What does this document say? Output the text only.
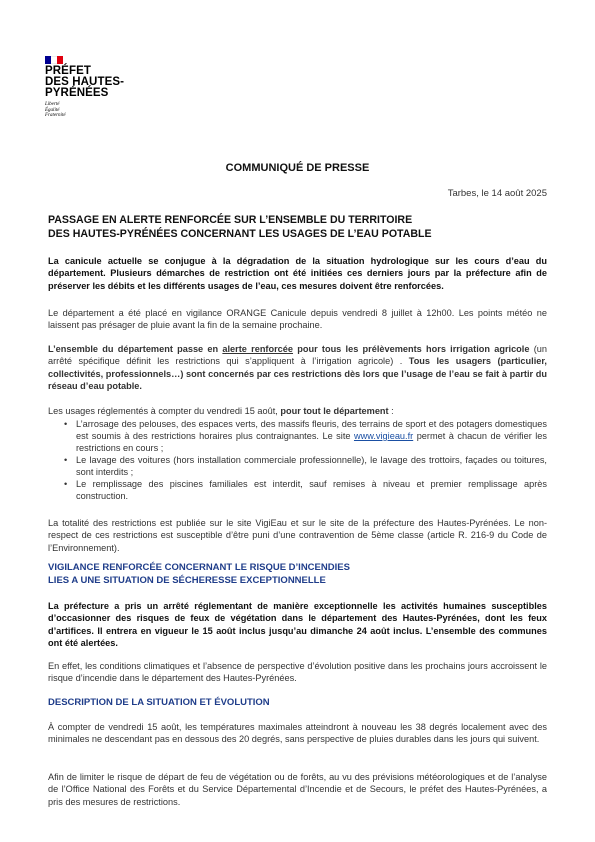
PRÉFET
DES HAUTES-
PYRÉNÉES
Liberté
Égalité
Fraternité
COMMUNIQUÉ DE PRESSE
Tarbes, le 14 août 2025
PASSAGE EN ALERTE RENFORCÉE SUR L’ENSEMBLE DU TERRITOIRE
DES HAUTES-PYRÉNÉES CONCERNANT LES USAGES DE L’EAU POTABLE
La canicule actuelle se conjugue à la dégradation de la situation hydrologique sur les cours d’eau du département. Plusieurs démarches de restriction ont été initiées ces derniers jours par la préfecture afin de préserver les débits et les différents usages de l’eau, ces mesures doivent être renforcées.
Le département a été placé en vigilance ORANGE Canicule depuis vendredi 8 juillet à 12h00. Les points météo ne laissent pas présager de pluie avant la fin de la semaine prochaine.
L’ensemble du département passe en alerte renforcée pour tous les prélèvements hors irrigation agricole (un arrêté spécifique définit les restrictions qui s’appliquent à l’irrigation agricole) . Tous les usagers (particulier, collectivités, professionnels…) sont concernés par ces restrictions dès lors que l’usage de l’eau se fait à partir du réseau d’eau potable.
Les usages réglementés à compter du vendredi 15 août, pour tout le département :
• L’arrosage des pelouses, des espaces verts, des massifs fleuris, des terrains de sport et des potagers domestiques est soumis à des restrictions horaires plus contraignantes. Le site www.vigieau.fr permet à chacun de vérifier les restrictions en cours ;
• Le lavage des voitures (hors installation commerciale professionnelle), le lavage des trottoirs, façades ou toitures, sont interdits ;
• Le remplissage des piscines familiales est interdit, sauf remises à niveau et premier remplissage après construction.
La totalité des restrictions est publiée sur le site VigiEau et sur le site de la préfecture des Hautes-Pyrénées. Le non-respect de ces restrictions est susceptible d’être puni d’une contravention de 5ème classe (article R. 216-9 du Code de l’Environnement).
VIGILANCE RENFORCÉE CONCERNANT LE RISQUE D’INCENDIES
LIES A UNE SITUATION DE SÉCHERESSE EXCEPTIONNELLE
La préfecture a pris un arrêté réglementant de manière exceptionnelle les activités humaines susceptibles d’occasionner des risques de feux de végétation dans le département des Hautes-Pyrénées, dont les feux d’artifices. Il entrera en vigueur le 15 août inclus jusqu’au dimanche 24 août inclus. L’ensemble des communes ont été alertées.
En effet, les conditions climatiques et l’absence de perspective d’évolution positive dans les prochains jours accroissent le risque d’incendie dans le département des Hautes-Pyrénées.
DESCRIPTION DE LA SITUATION ET ÉVOLUTION
À compter de vendredi 15 août, les températures maximales atteindront à nouveau les 38 degrés localement avec des minimales ne descendant pas en dessous des 20 degrés, sans perspective de pluies durables dans les jours qui suivent.
Afin de limiter le risque de départ de feu de végétation ou de forêts, au vu des prévisions météorologiques et de l’analyse de l’Office National des Forêts et du Service Départemental d’Incendie et de Secours, le préfet des Hautes-Pyrénées, a pris des mesures de restrictions.
